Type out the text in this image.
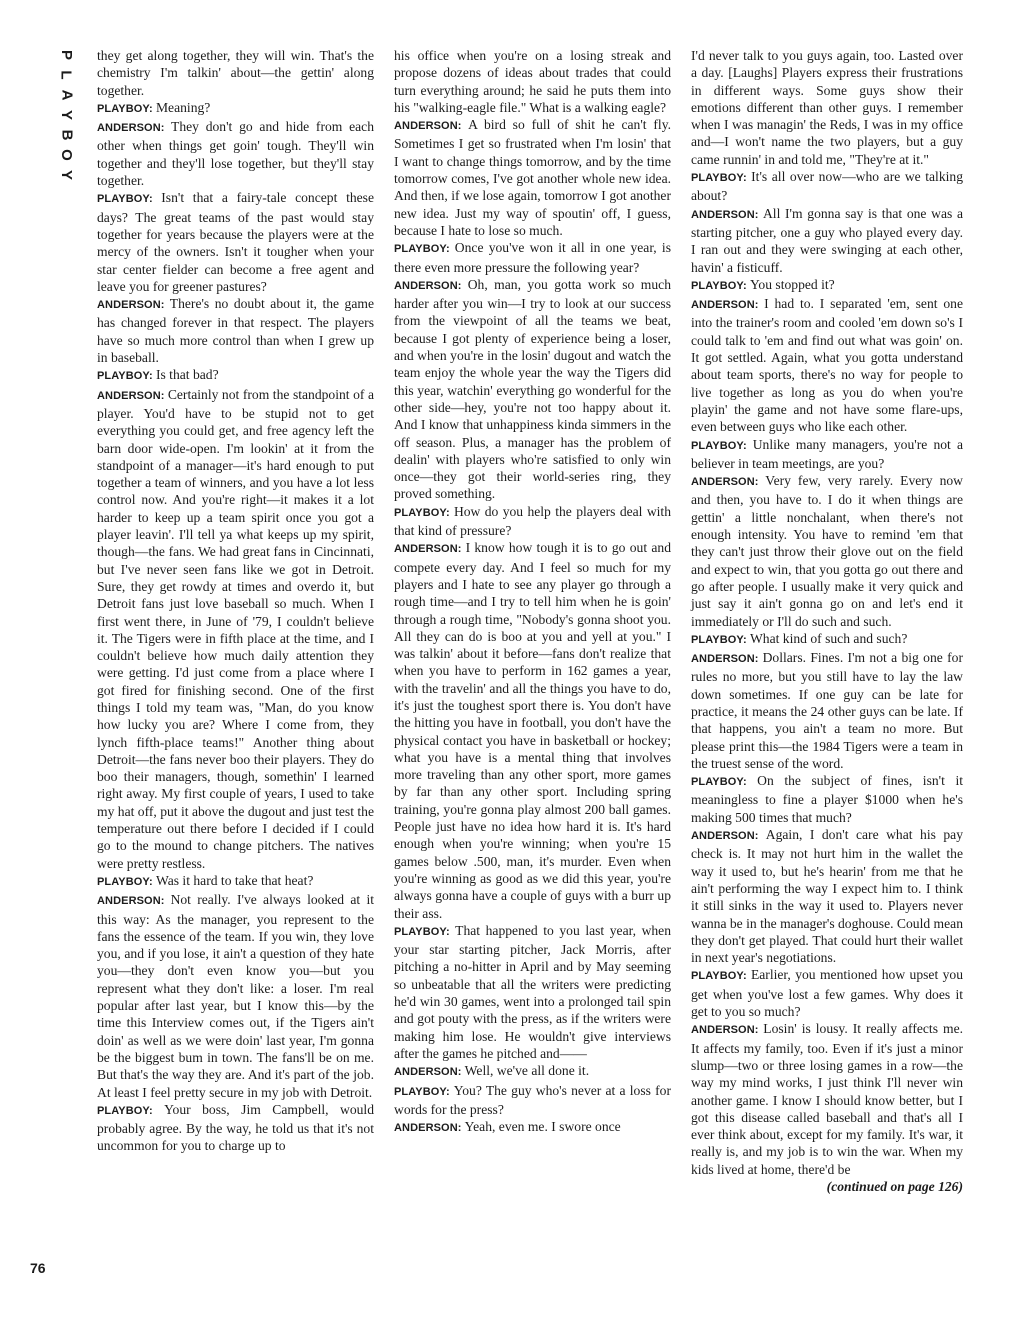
P
L
A
Y
B
O
Y
76

they get along together, they will win. That's the chemistry I'm talkin' about—the gettin' along together.

PLAYBOY: Meaning?

ANDERSON: They don't go and hide from each other when things get goin' tough. They'll win together and they'll lose together, but they'll stay together.

PLAYBOY: Isn't that a fairy-tale concept these days? The great teams of the past would stay together for years because the players were at the mercy of the owners. Isn't it tougher when your star center fielder can become a free agent and leave you for greener pastures?

ANDERSON: There's no doubt about it, the game has changed forever in that respect. The players have so much more control than when I grew up in baseball.

PLAYBOY: Is that bad?

ANDERSON: Certainly not from the standpoint of a player. You'd have to be stupid not to get everything you could get, and free agency left the barn door wide-open. I'm lookin' at it from the standpoint of a manager—it's hard enough to put together a team of winners, and you have a lot less control now. And you're right—it makes it a lot harder to keep up a team spirit once you got a player leavin'. I'll tell ya what keeps up my spirit, though—the fans. We had great fans in Cincinnati, but I've never seen fans like we got in Detroit. Sure, they get rowdy at times and overdo it, but Detroit fans just love baseball so much. When I first went there, in June of '79, I couldn't believe it. The Tigers were in fifth place at the time, and I couldn't believe how much daily attention they were getting. I'd just come from a place where I got fired for finishing second. One of the first things I told my team was, "Man, do you know how lucky you are? Where I come from, they lynch fifth-place teams!" Another thing about Detroit—the fans never boo their players. They do boo their managers, though, somethin' I learned right away. My first couple of years, I used to take my hat off, put it above the dugout and just test the temperature out there before I decided if I could go to the mound to change pitchers. The natives were pretty restless.

PLAYBOY: Was it hard to take that heat?

ANDERSON: Not really. I've always looked at it this way: As the manager, you represent to the fans the essence of the team. If you win, they love you, and if you lose, it ain't a question of they hate you—they don't even know you—but you represent what they don't like: a loser. I'm real popular after last year, but I know this—by the time this Interview comes out, if the Tigers ain't doin' as well as we were doin' last year, I'm gonna be the biggest bum in town. The fans'll be on me. But that's the way they are. And it's part of the job. At least I feel pretty secure in my job with Detroit.

PLAYBOY: Your boss, Jim Campbell, would probably agree. By the way, he told us that it's not uncommon for you to charge up to

his office when you're on a losing streak and propose dozens of ideas about trades that could turn everything around; he said he puts them into his "walking-eagle file." What is a walking eagle?

ANDERSON: A bird so full of shit he can't fly. Sometimes I get so frustrated when I'm losin' that I want to change things tomorrow, and by the time tomorrow comes, I've got another whole new idea. And then, if we lose again, tomorrow I got another new idea. Just my way of spoutin' off, I guess, because I hate to lose so much.

PLAYBOY: Once you've won it all in one year, is there even more pressure the following year?

ANDERSON: Oh, man, you gotta work so much harder after you win—I try to look at our success from the viewpoint of all the teams we beat, because I got plenty of experience being a loser, and when you're in the losin' dugout and watch the team enjoy the whole year the way the Tigers did this year, watchin' everything go wonderful for the other side—hey, you're not too happy about it. And I know that unhappiness kinda simmers in the off season. Plus, a manager has the problem of dealin' with players who're satisfied to only win once—they got their world-series ring, they proved something.

PLAYBOY: How do you help the players deal with that kind of pressure?

ANDERSON: I know how tough it is to go out and compete every day. And I feel so much for my players and I hate to see any player go through a rough time—and I try to tell him when he is goin' through a rough time, "Nobody's gonna shoot you. All they can do is boo at you and yell at you." I was talkin' about it before—fans don't realize that when you have to perform in 162 games a year, with the travelin' and all the things you have to do, it's just the toughest sport there is. You don't have the hitting you have in football, you don't have the physical contact you have in basketball or hockey; what you have is a mental thing that involves more traveling than any other sport, more games by far than any other sport. Including spring training, you're gonna play almost 200 ball games. People just have no idea how hard it is. It's hard enough when you're winning; when you're 15 games below .500, man, it's murder. Even when you're winning as good as we did this year, you're always gonna have a couple of guys with a burr up their ass.

PLAYBOY: That happened to you last year, when your star starting pitcher, Jack Morris, after pitching a no-hitter in April and by May seeming so unbeatable that all the writers were predicting he'd win 30 games, went into a prolonged tail spin and got pouty with the press, as if the writers were making him lose. He wouldn't give interviews after the games he pitched and——

ANDERSON: Well, we've all done it.

PLAYBOY: You? The guy who's never at a loss for words for the press?

ANDERSON: Yeah, even me. I swore once

I'd never talk to you guys again, too. Lasted over a day. [Laughs] Players express their frustrations in different ways. Some guys show their emotions different than other guys. I remember when I was managin' the Reds, I was in my office and—I won't name the two players, but a guy came runnin' in and told me, "They're at it."

PLAYBOY: It's all over now—who are we talking about?

ANDERSON: All I'm gonna say is that one was a starting pitcher, one a guy who played every day. I ran out and they were swinging at each other, havin' a fisticuff.

PLAYBOY: You stopped it?

ANDERSON: I had to. I separated 'em, sent one into the trainer's room and cooled 'em down so's I could talk to 'em and find out what was goin' on. It got settled. Again, what you gotta understand about team sports, there's no way for people to live together as long as you do when you're playin' the game and not have some flare-ups, even between guys who like each other.

PLAYBOY: Unlike many managers, you're not a believer in team meetings, are you?

ANDERSON: Very few, very rarely. Every now and then, you have to. I do it when things are gettin' a little nonchalant, when there's not enough intensity. You have to remind 'em that they can't just throw their glove out on the field and expect to win, that you gotta go out there and go after people. I usually make it very quick and just say it ain't gonna go on and let's end it immediately or I'll do such and such.

PLAYBOY: What kind of such and such?

ANDERSON: Dollars. Fines. I'm not a big one for rules no more, but you still have to lay the law down sometimes. If one guy can be late for practice, it means the 24 other guys can be late. If that happens, you ain't a team no more. But please print this—the 1984 Tigers were a team in the truest sense of the word.

PLAYBOY: On the subject of fines, isn't it meaningless to fine a player $1000 when he's making 500 times that much?

ANDERSON: Again, I don't care what his pay check is. It may not hurt him in the wallet the way it used to, but he's hearin' from me that he ain't performing the way I expect him to. I think it still sinks in the way it used to. Players never wanna be in the manager's doghouse. Could mean they don't get played. That could hurt their wallet in next year's negotiations.

PLAYBOY: Earlier, you mentioned how upset you get when you've lost a few games. Why does it get to you so much?

ANDERSON: Losin' is lousy. It really affects me. It affects my family, too. Even if it's just a minor slump—two or three losing games in a row—the way my mind works, I just think I'll never win another game. I know I should know better, but I got this disease called baseball and that's all I ever think about, except for my family. It's war, it really is, and my job is to win the war. When my kids lived at home, there'd be

(continued on page 126)
